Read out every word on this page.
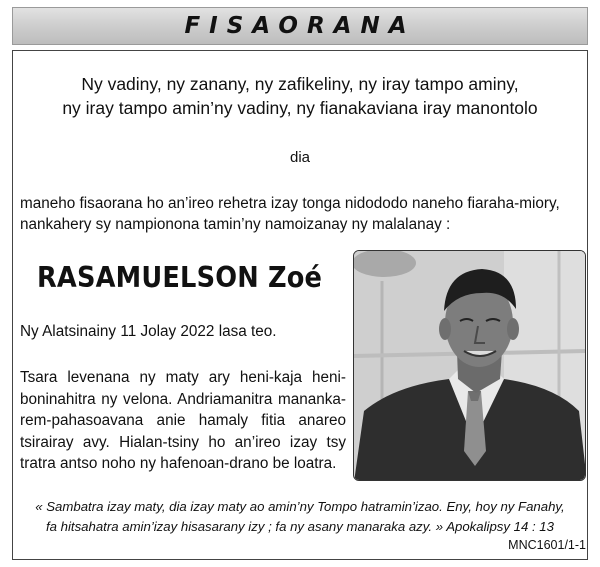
FISAORANA
Ny vadiny, ny zanany, ny zafikeliny, ny iray tampo aminy,
ny iray tampo amin’ny vadiny, ny fianakaviana iray manontolo
dia
maneho fisaorana ho an’ireo rehetra izay tonga nidododo naneho fiaraha-miory,
nankahery sy nampionona tamin’ny namoizanay ny malalanay :
RASAMUELSON Zoé
Ny Alatsinainy 11 Jolay 2022 lasa teo.
Tsara levenana ny maty ary heni-kaja heni-boninahitra ny velona. Andriamanitra mananka-rem-pahasoavana anie hamaly fitia anareo tsirairay avy. Hialan-tsiny ho an’ireo izay tsy tratra antso noho ny hafenoan-drano be loatra.
« Sambatra izay maty, dia izay maty ao amin’ny Tompo hatramin’izao. Eny, hoy ny Fanahy,
fa hitsahatra amin’izay hisasarany izy ; fa ny asany manaraka azy. » Apokalipsy 14 : 13
MNC1601/1-1
